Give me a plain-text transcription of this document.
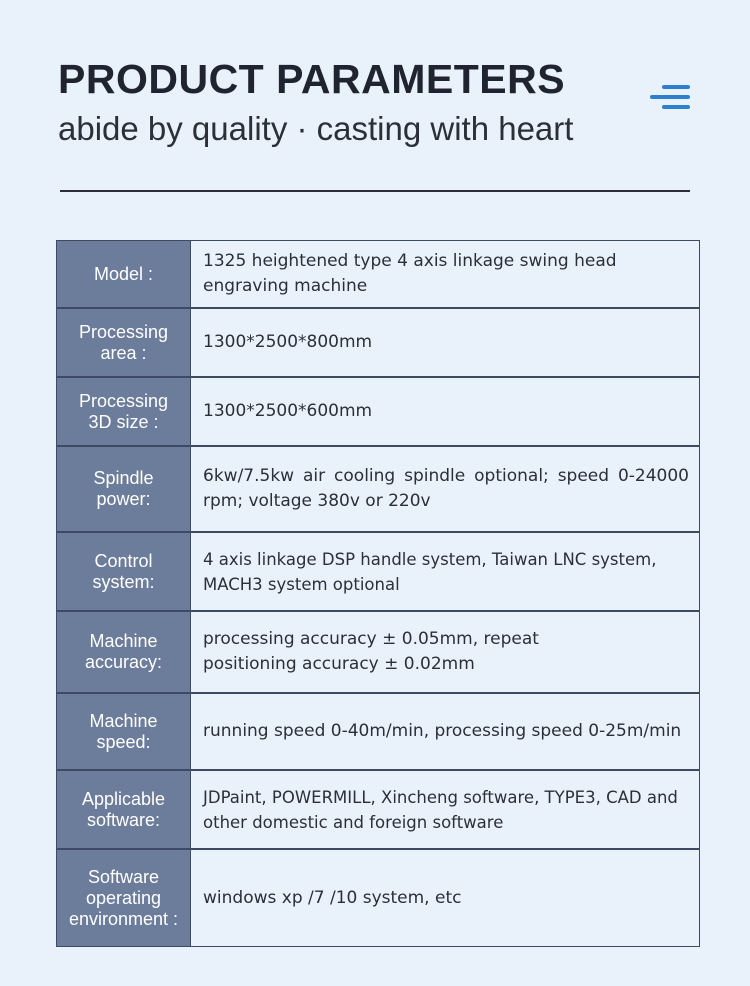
PRODUCT PARAMETERS
abide by quality · casting with heart
Model :
1325 heightened type 4 axis linkage swing head engraving machine
Processing area :
1300*2500*800mm
Processing 3D size :
1300*2500*600mm
Spindle power:
6kw/7.5kw air cooling spindle optional; speed 0-24000 rpm; voltage 380v or 220v
Control system:
4 axis linkage DSP handle system, Taiwan LNC system, MACH3 system optional
Machine accuracy:
processing accuracy ± 0.05mm, repeat positioning accuracy ± 0.02mm
Machine speed:
running speed 0-40m/min, processing speed 0-25m/min
Applicable software:
JDPaint, POWERMILL, Xincheng software, TYPE3, CAD and other domestic and foreign software
Software operating environment :
windows xp /7 /10 system, etc
